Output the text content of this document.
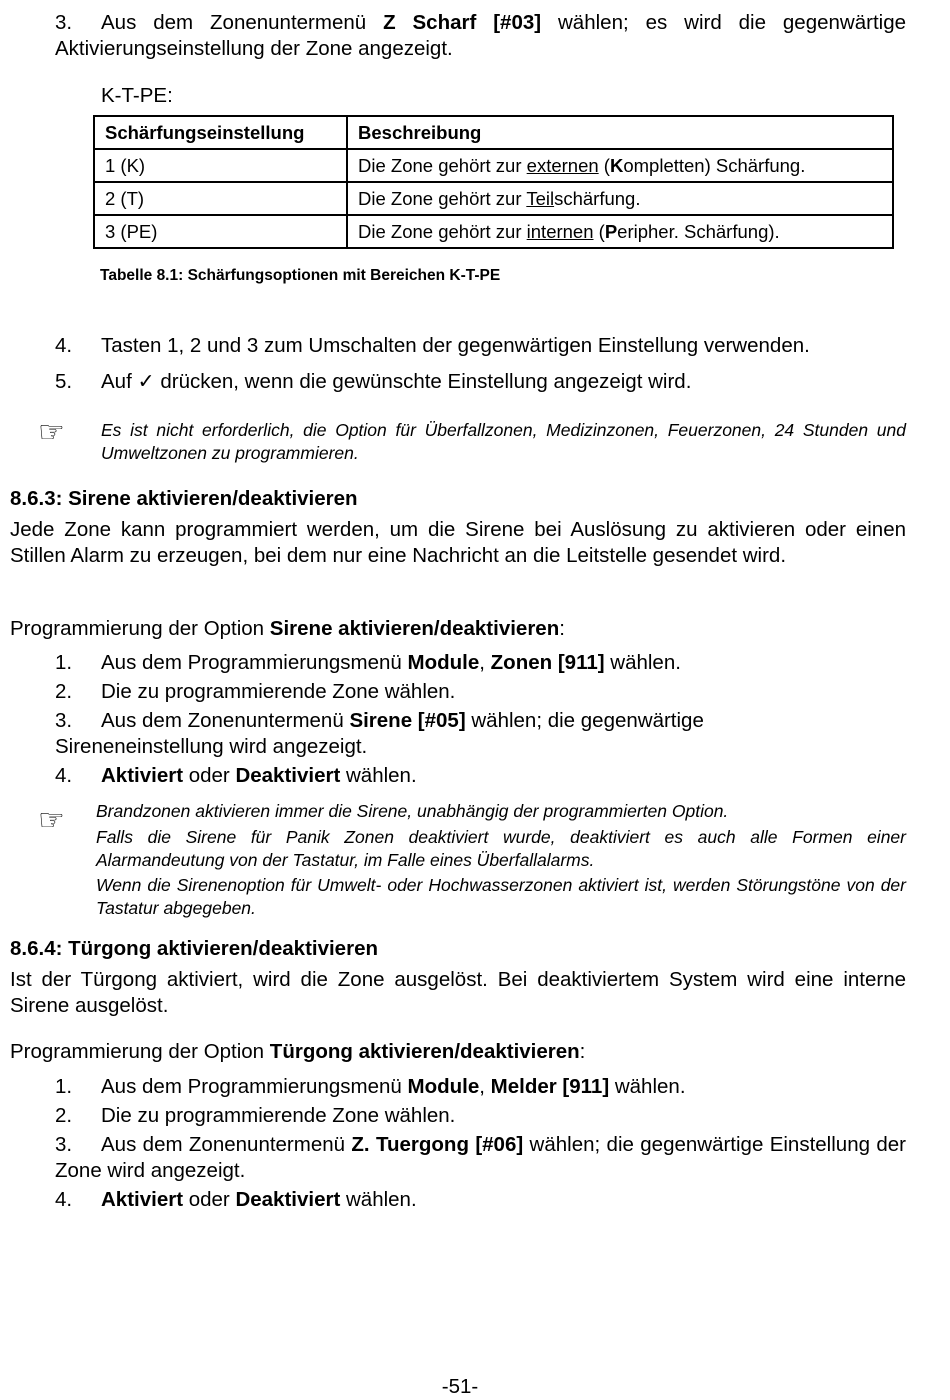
3. Aus dem Zonenuntermenü Z Scharf [#03] wählen; es wird die gegenwärtige Aktivierungseinstellung der Zone angezeigt.
K-T-PE:
Schärfungseinstellung	Beschreibung
1 (K)	Die Zone gehört zur externen (Kompletten) Schärfung.
2 (T)	Die Zone gehört zur Teilschärfung.
3 (PE)	Die Zone gehört zur internen (Peripher. Schärfung).
Tabelle 8.1: Schärfungsoptionen mit Bereichen K-T-PE
4. Tasten 1, 2 und 3 zum Umschalten der gegenwärtigen Einstellung verwenden.
5. Auf ✓ drücken, wenn die gewünschte Einstellung angezeigt wird.
☞ Es ist nicht erforderlich, die Option für Überfallzonen, Medizinzonen, Feuerzonen, 24 Stunden und Umweltzonen zu programmieren.
8.6.3: Sirene aktivieren/deaktivieren
Jede Zone kann programmiert werden, um die Sirene bei Auslösung zu aktivieren oder einen Stillen Alarm zu erzeugen, bei dem nur eine Nachricht an die Leitstelle gesendet wird.
Programmierung der Option Sirene aktivieren/deaktivieren:
1. Aus dem Programmierungsmenü Module, Zonen [911] wählen.
2. Die zu programmierende Zone wählen.
3. Aus dem Zonenuntermenü Sirene [#05] wählen; die gegenwärtige Sireneneinstellung wird angezeigt.
4. Aktiviert oder Deaktiviert wählen.
☞ Brandzonen aktivieren immer die Sirene, unabhängig der programmierten Option.
Falls die Sirene für Panik Zonen deaktiviert wurde, deaktiviert es auch alle Formen einer Alarmandeutung von der Tastatur, im Falle eines Überfallalarms.
Wenn die Sirenenoption für Umwelt- oder Hochwasserzonen aktiviert ist, werden Störungstöne von der Tastatur abgegeben.
8.6.4: Türgong aktivieren/deaktivieren
Ist der Türgong aktiviert, wird die Zone ausgelöst. Bei deaktiviertem System wird eine interne Sirene ausgelöst.
Programmierung der Option Türgong aktivieren/deaktivieren:
1. Aus dem Programmierungsmenü Module, Melder [911] wählen.
2. Die zu programmierende Zone wählen.
3. Aus dem Zonenuntermenü Z. Tuergong [#06] wählen; die gegenwärtige Einstellung der Zone wird angezeigt.
4. Aktiviert oder Deaktiviert wählen.
-51-
